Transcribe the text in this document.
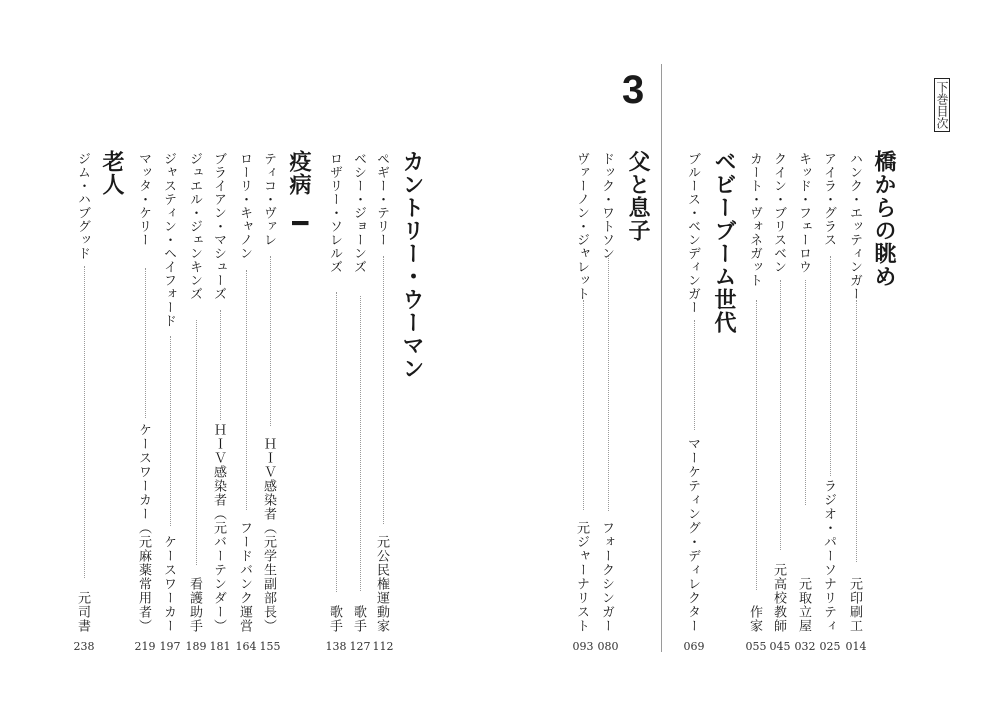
下巻目次
3
橋からの眺め
ベビーブーム世代
父と息子
カントリー・ウーマン
疫病　I
老人	ハンク・エッティンガー
アイラ・グラス
キッド・フェーロウ
クイン・ブリスベン
カート・ヴォネガット
ブルース・ベンディンガー
ドック・ワトソン
ヴァーノン・ジャレット
ペギー・テリー
ベシー・ジョーンズ
ロザリー・ソレルズ
ティコ・ヴァレ
ローリ・キャノン
ブライアン・マシューズ
ジュエル・ジェンキンズ
ジャスティン・ヘイフォード
マッタ・ケリー
ジム・ハブグッド
元印刷工
ラジオ・パーソナリティ
元取立屋
元高校教師
作家
マーケティング・ディレクター
フォークシンガー
元ジャーナリスト
元公民権運動家
歌手
歌手
ＨＩＶ感染者（元学生副部長）
フードバンク運営
ＨＩＶ感染者（元バーテンダー）
看護助手
ケースワーカー
ケースワーカー（元麻薬常用者）
元司書
014
025
032
045
055
069
080
093
112
127
138
155
164
181
189
197
219
238
